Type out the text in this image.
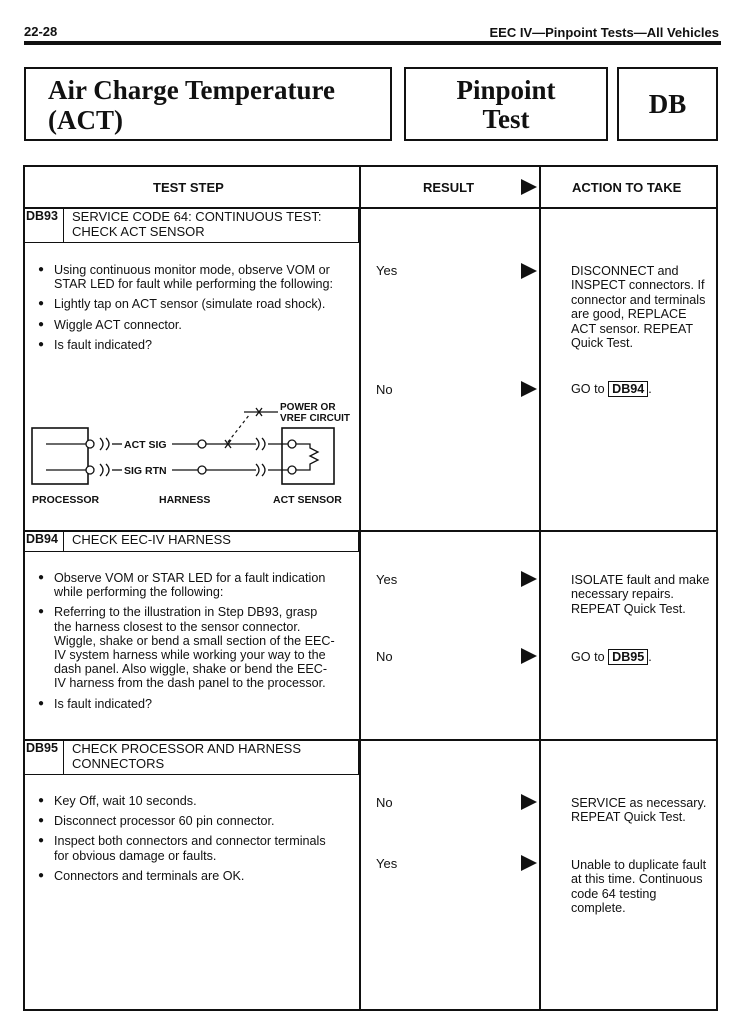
22-28	EEC IV—Pinpoint Tests—All Vehicles
Air Charge Temperature
(ACT)
Pinpoint
Test	DB
TEST STEP	RESULT	ACTION TO TAKE
DB93	SERVICE CODE 64: CONTINUOUS TEST:
CHECK ACT SENSOR
● Using continuous monitor mode, observe VOM or STAR LED for fault while performing the following:
● Lightly tap on ACT sensor (simulate road shock).
● Wiggle ACT connector.
● Is fault indicated?
ACT SIG
SIG RTN
POWER OR
VREF CIRCUIT
PROCESSOR	HARNESS	ACT SENSOR
Yes	DISCONNECT and INSPECT connectors. If connector and terminals are good, REPLACE ACT sensor. REPEAT Quick Test.
No	GO to DB94 .
DB94	CHECK EEC-IV HARNESS
● Observe VOM or STAR LED for a fault indication while performing the following:
● Referring to the illustration in Step DB93, grasp the harness closest to the sensor connector. Wiggle, shake or bend a small section of the EEC-IV system harness while working your way to the dash panel. Also wiggle, shake or bend the EEC-IV harness from the dash panel to the processor.
● Is fault indicated?
Yes	ISOLATE fault and make necessary repairs. REPEAT Quick Test.
No	GO to DB95 .
DB95	CHECK PROCESSOR AND HARNESS
CONNECTORS
● Key Off, wait 10 seconds.
● Disconnect processor 60 pin connector.
● Inspect both connectors and connector terminals for obvious damage or faults.
● Connectors and terminals are OK.
No	SERVICE as necessary. REPEAT Quick Test.
Yes	Unable to duplicate fault at this time. Continuous code 64 testing complete.
